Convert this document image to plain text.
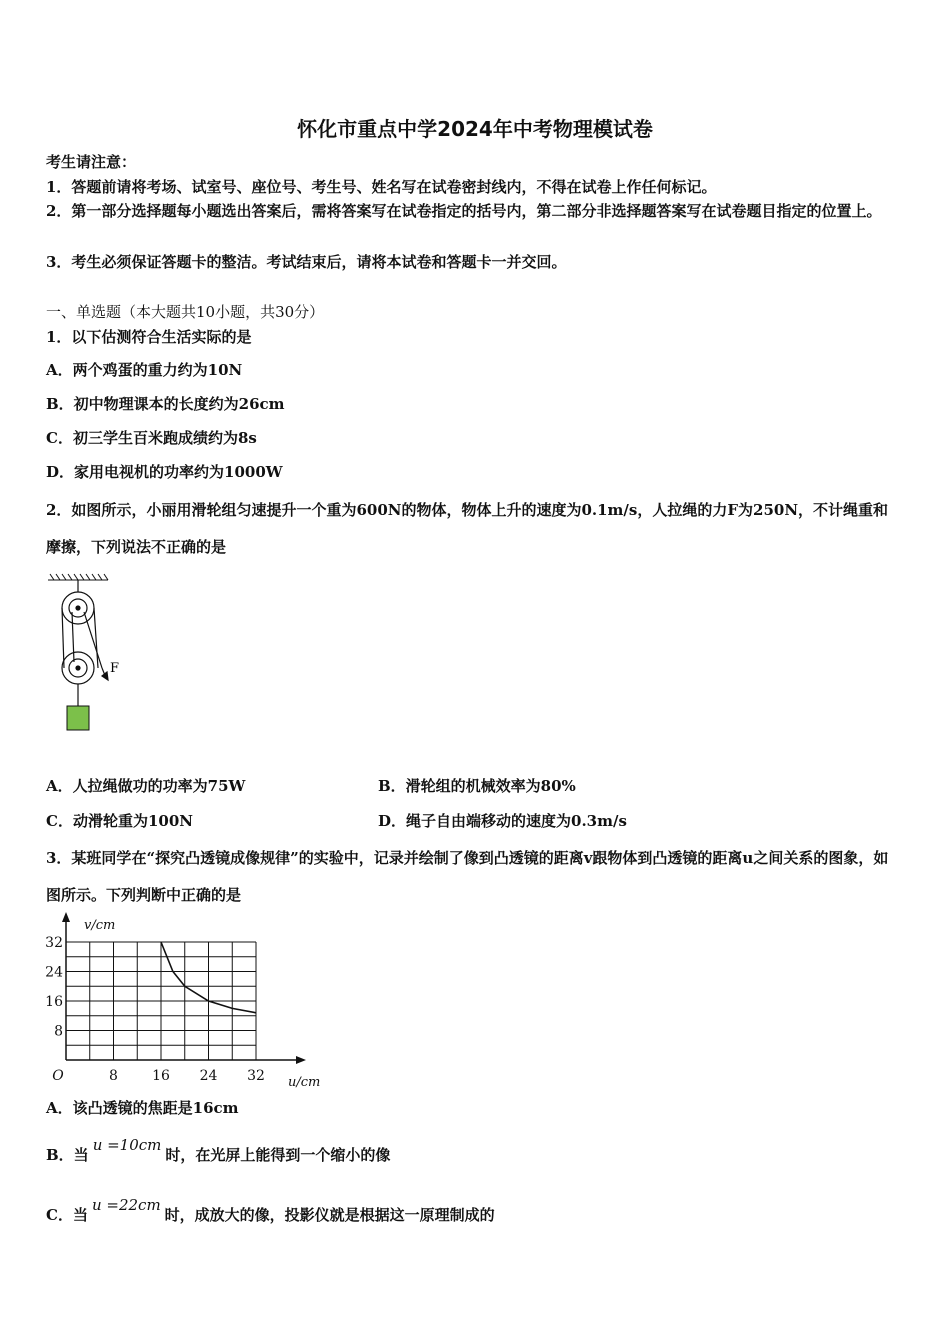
怀化市重点中学2024年中考物理模试卷
考生请注意：
1．答题前请将考场、试室号、座位号、考生号、姓名写在试卷密封线内，不得在试卷上作任何标记。
2．第一部分选择题每小题选出答案后，需将答案写在试卷指定的括号内，第二部分非选择题答案写在试卷题目指定的位置上。
3．考生必须保证答题卡的整洁。考试结束后，请将本试卷和答题卡一并交回。
一、单选题（本大题共10小题，共30分）
1．以下估测符合生活实际的是
A．两个鸡蛋的重力约为10N
B．初中物理课本的长度约为26cm
C．初三学生百米跑成绩约为8s
D．家用电视机的功率约为1000W
2．如图所示，小丽用滑轮组匀速提升一个重为600N的物体，物体上升的速度为0.1m/s，人拉绳的力F为250N，不计绳重和摩擦，下列说法不正确的是
F
A．人拉绳做功的功率为75W	B．滑轮组的机械效率为80%
C．动滑轮重为100N	D．绳子自由端移动的速度为0.3m/s
3．某班同学在“探究凸透镜成像规律”的实验中，记录并绘制了像到凸透镜的距离v跟物体到凸透镜的距离u之间关系的图象，如图所示。下列判断中正确的是
8 16 24 32
8
16
24
32
O	u/cm
v/cm
A．该凸透镜的焦距是16cm
B．当u =10cm时，在光屏上能得到一个缩小的像
C．当u =22cm时，成放大的像，投影仪就是根据这一原理制成的
